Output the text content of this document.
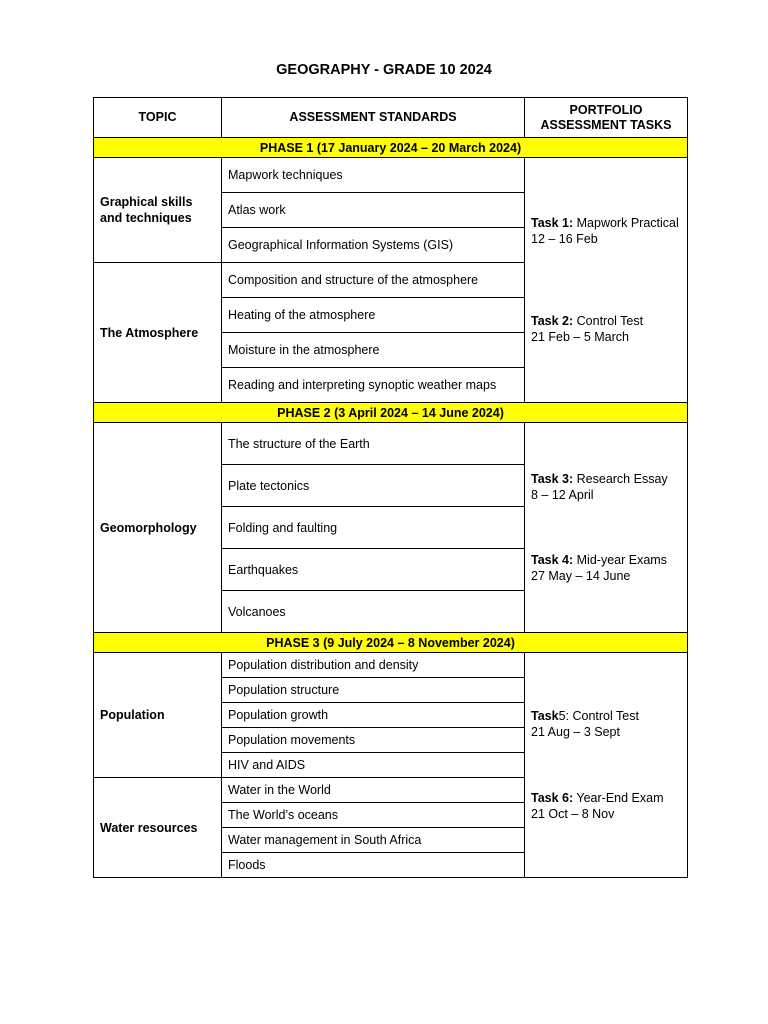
GEOGRAPHY - GRADE 10 2024
TOPIC	ASSESSMENT STANDARDS	PORTFOLIO ASSESSMENT TASKS
PHASE 1 (17 January 2024 – 20 March 2024)		
Graphical skills and techniques	Mapwork techniques	Task 1: Mapwork Practical
12 – 16 Feb
Task 2: Control Test
21 Feb – 5 March

	Atlas work	
	Geographical Information Systems (GIS)	
The Atmosphere	Composition and structure of the atmosphere	
	Heating of the atmosphere	
	Moisture in the atmosphere	
	Reading and interpreting synoptic weather maps	
PHASE 2 (3 April 2024 – 14 June 2024)		
Geomorphology	The structure of the Earth	Task 3: Research Essay
8 – 12 April
Task 4: Mid-year Exams
27 May – 14 June

	Plate tectonics	
	Folding and faulting	
	Earthquakes	
	Volcanoes	
PHASE 3 (9 July 2024 – 8 November 2024)		
Population	Population distribution and density	Task5: Control Test
21 Aug – 3 Sept
Task 6: Year-End Exam
21 Oct – 8 Nov

	Population structure	
	Population growth	
	Population movements	
	HIV and AIDS	
Water resources	Water in the World	
	The World’s oceans	
	Water management in South Africa	
	Floods	
